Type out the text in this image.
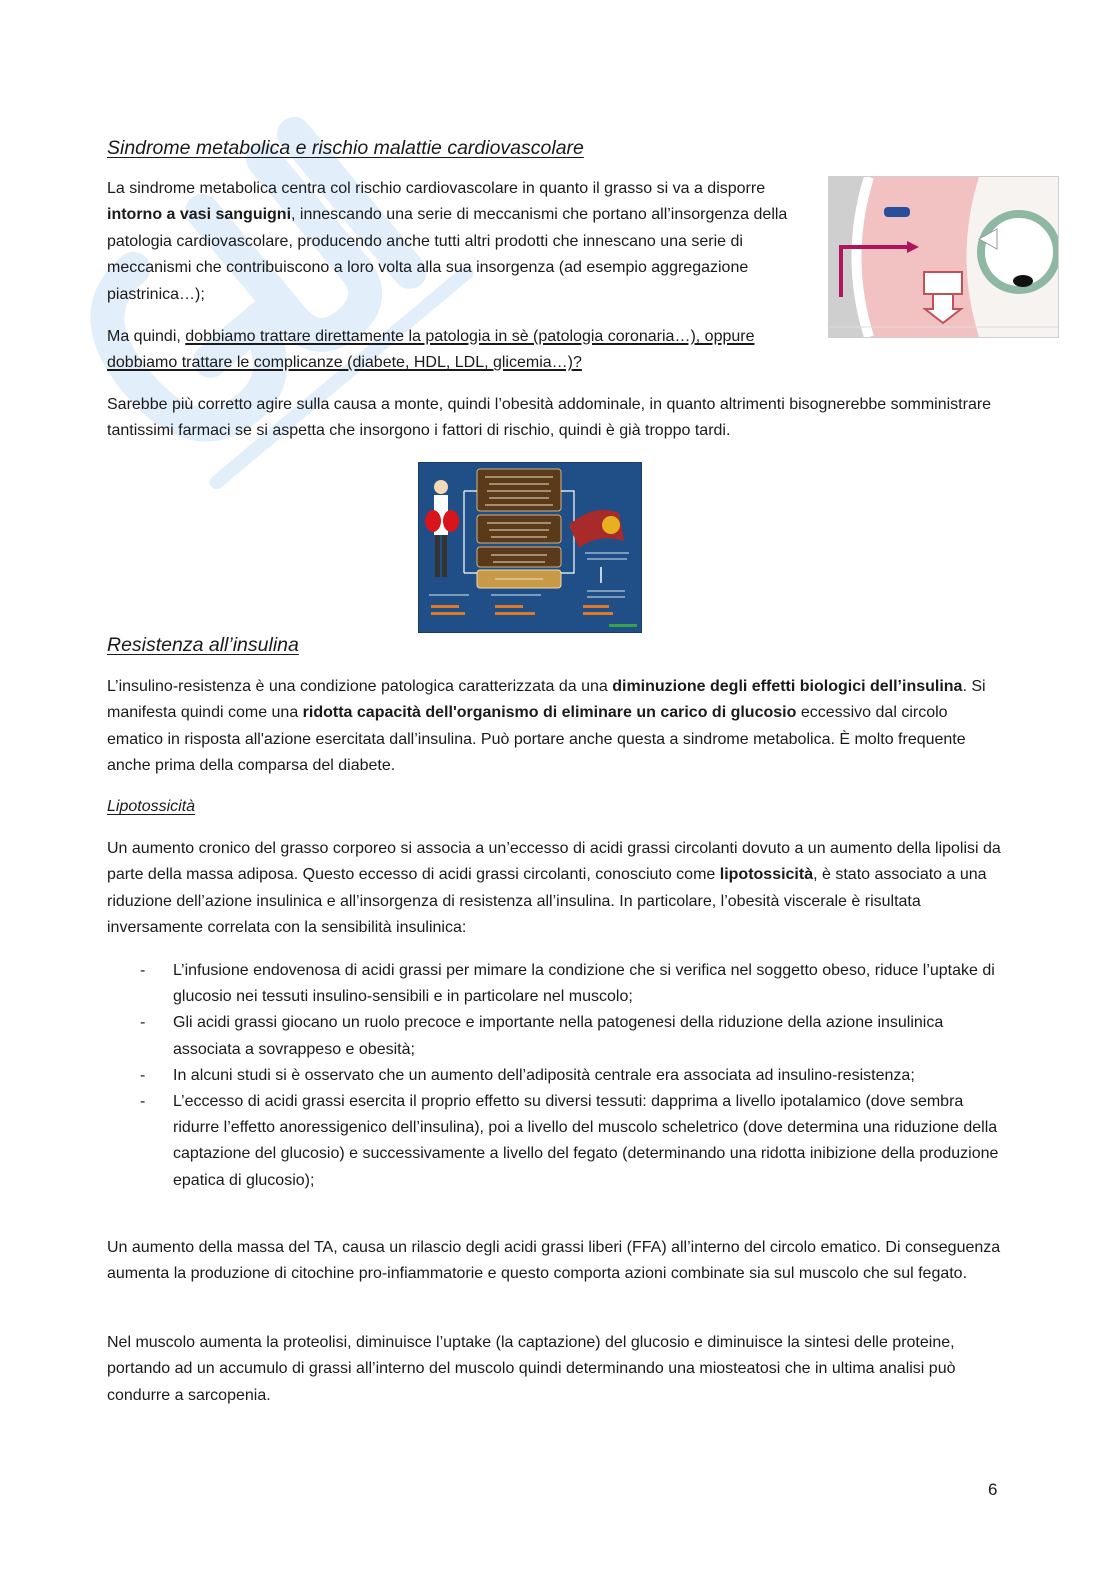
Sindrome metabolica e rischio malattie cardiovascolare

La sindrome metabolica centra col rischio cardiovascolare in quanto il grasso si va a disporre intorno a vasi sanguigni, innescando una serie di meccanismi che portano all’insorgenza della patologia cardiovascolare, producendo anche tutti altri prodotti che innescano una serie di meccanismi che contribuiscono a loro volta alla sua insorgenza (ad esempio aggregazione piastrinica…);

Ma quindi, dobbiamo trattare direttamente la patologia in sè (patologia coronaria…), oppure dobbiamo trattare le complicanze (diabete, HDL, LDL, glicemia…)?

Sarebbe più corretto agire sulla causa a monte, quindi l’obesità addominale, in quanto altrimenti bisognerebbe somministrare tantissimi farmaci se si aspetta che insorgono i fattori di rischio, quindi è già troppo tardi.

Resistenza all’insulina

L’insulino-resistenza è una condizione patologica caratterizzata da una diminuzione degli effetti biologici dell’insulina. Si manifesta quindi come una ridotta capacità dell'organismo di eliminare un carico di glucosio eccessivo dal circolo ematico in risposta all'azione esercitata dall’insulina. Può portare anche questa a sindrome metabolica. È molto frequente anche prima della comparsa del diabete.

Lipotossicità

Un aumento cronico del grasso corporeo si associa a un’eccesso di acidi grassi circolanti dovuto a un aumento della lipolisi da parte della massa adiposa. Questo eccesso di acidi grassi circolanti, conosciuto come lipotossicità, è stato associato a una riduzione dell’azione insulinica e all’insorgenza di resistenza all’insulina. In particolare, l’obesità viscerale è risultata inversamente correlata con la sensibilità insulinica:

- L’infusione endovenosa di acidi grassi per mimare la condizione che si verifica nel soggetto obeso, riduce l’uptake di glucosio nei tessuti insulino-sensibili e in particolare nel muscolo;
- Gli acidi grassi giocano un ruolo precoce e importante nella patogenesi della riduzione della azione insulinica associata a sovrappeso e obesità;
- In alcuni studi si è osservato che un aumento dell’adiposità centrale era associata ad insulino-resistenza;
- L’eccesso di acidi grassi esercita il proprio effetto su diversi tessuti: dapprima a livello ipotalamico (dove sembra ridurre l’effetto anoressigenico dell’insulina), poi a livello del muscolo scheletrico (dove determina una riduzione della captazione del glucosio) e successivamente a livello del fegato (determinando una ridotta inibizione della produzione epatica di glucosio);

Un aumento della massa del TA, causa un rilascio degli acidi grassi liberi (FFA) all’interno del circolo ematico. Di conseguenza aumenta la produzione di citochine pro-infiammatorie e questo comporta azioni combinate sia sul muscolo che sul fegato.

Nel muscolo aumenta la proteolisi, diminuisce l’uptake (la captazione) del glucosio e diminuisce la sintesi delle proteine, portando ad un accumulo di grassi all’interno del muscolo quindi determinando una miosteatosi che in ultima analisi può condurre a sarcopenia.

6
